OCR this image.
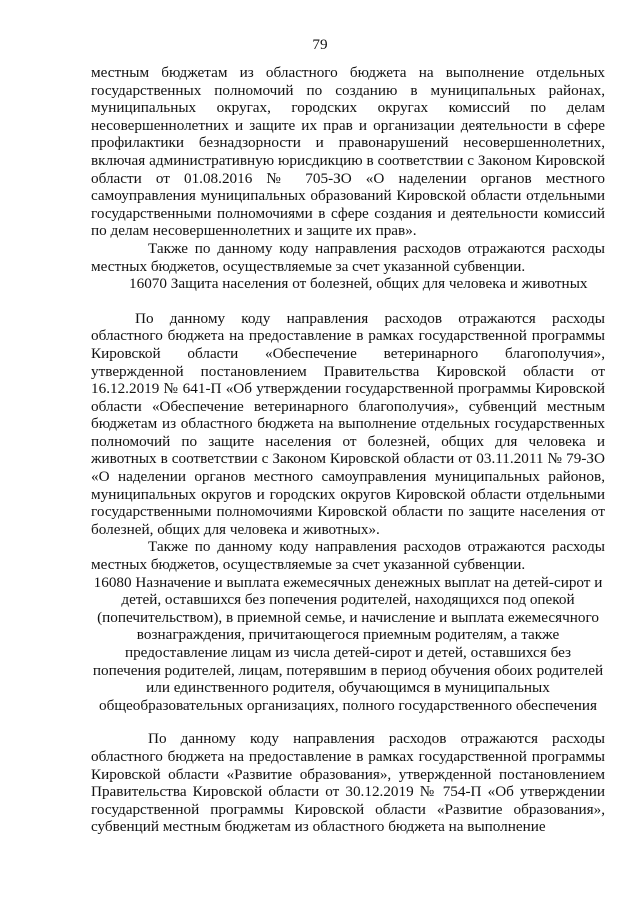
79

местным бюджетам из областного бюджета на выполнение отдельных государственных полномочий по созданию в муниципальных районах, муниципальных округах, городских округах комиссий по делам несовершеннолетних и защите их прав и организации деятельности в сфере профилактики безнадзорности и правонарушений несовершеннолетних, включая административную юрисдикцию в соответствии с Законом Кировской области от 01.08.2016 № 705-ЗО «О наделении органов местного самоуправления муниципальных образований Кировской области отдельными государственными полномочиями в сфере создания и деятельности комиссий по делам несовершеннолетних и защите их прав».

Также по данному коду направления расходов отражаются расходы местных бюджетов, осуществляемые за счет указанной субвенции.

16070 Защита населения от болезней, общих для человека и животных

По данному коду направления расходов отражаются расходы областного бюджета на предоставление в рамках государственной программы Кировской области «Обеспечение ветеринарного благополучия», утвержденной постановлением Правительства Кировской области от 16.12.2019 № 641-П «Об утверждении государственной программы Кировской области «Обеспечение ветеринарного благополучия», субвенций местным бюджетам из областного бюджета на выполнение отдельных государственных полномочий по защите населения от болезней, общих для человека и животных в соответствии с Законом Кировской области от 03.11.2011 № 79-ЗО «О наделении органов местного самоуправления муниципальных районов, муниципальных округов и городских округов Кировской области отдельными государственными полномочиями Кировской области по защите населения от болезней, общих для человека и животных».

Также по данному коду направления расходов отражаются расходы местных бюджетов, осуществляемые за счет указанной субвенции.

16080 Назначение и выплата ежемесячных денежных выплат на детей-сирот и детей, оставшихся без попечения родителей, находящихся под опекой (попечительством), в приемной семье, и начисление и выплата ежемесячного вознаграждения, причитающегося приемным родителям, а также предоставление лицам из числа детей-сирот и детей, оставшихся без попечения родителей, лицам, потерявшим в период обучения обоих родителей или единственного родителя, обучающимся в муниципальных общеобразовательных организациях, полного государственного обеспечения

По данному коду направления расходов отражаются расходы областного бюджета на предоставление в рамках государственной программы Кировской области «Развитие образования», утвержденной постановлением Правительства Кировской области от 30.12.2019 № 754-П «Об утверждении государственной программы Кировской области «Развитие образования», субвенций местным бюджетам из областного бюджета на выполнение
